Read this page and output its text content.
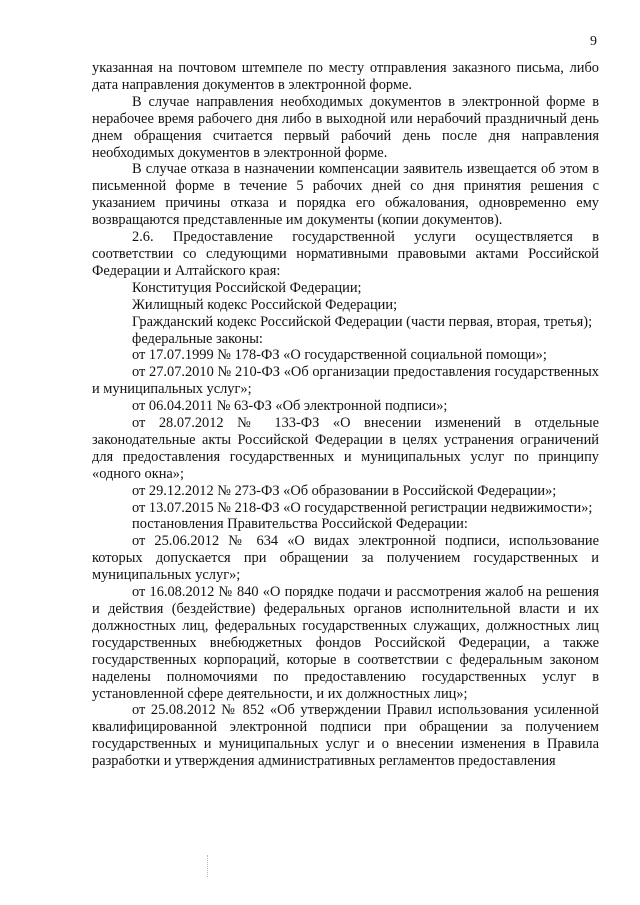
9

указанная на почтовом штемпеле по месту отправления заказного письма, либо дата направления документов в электронной форме.

В случае направления необходимых документов в электронной форме в нерабочее время рабочего дня либо в выходной или нерабочий праздничный день днем обращения считается первый рабочий день после дня направления необходимых документов в электронной форме.

В случае отказа в назначении компенсации заявитель извещается об этом в письменной форме в течение 5 рабочих дней со дня принятия решения с указанием причины отказа и порядка его обжалования, одновременно ему возвращаются представленные им документы (копии документов).

2.6. Предоставление государственной услуги осуществляется в соответствии со следующими нормативными правовыми актами Российской Федерации и Алтайского края:

Конституция Российской Федерации;

Жилищный кодекс Российской Федерации;

Гражданский кодекс Российской Федерации (части первая, вторая, третья);

федеральные законы:

от 17.07.1999 № 178-ФЗ «О государственной социальной помощи»;

от 27.07.2010 № 210-ФЗ «Об организации предоставления государственных и муниципальных услуг»;

от 06.04.2011 № 63-ФЗ «Об электронной подписи»;

от 28.07.2012 № 133-ФЗ «О внесении изменений в отдельные законодательные акты Российской Федерации в целях устранения ограничений для предоставления государственных и муниципальных услуг по принципу «одного окна»;

от 29.12.2012 № 273-ФЗ «Об образовании в Российской Федерации»;

от 13.07.2015 № 218-ФЗ «О государственной регистрации недвижимости»;

постановления Правительства Российской Федерации:

от 25.06.2012 № 634 «О видах электронной подписи, использование которых допускается при обращении за получением государственных и муниципальных услуг»;

от 16.08.2012 № 840 «О порядке подачи и рассмотрения жалоб на решения и действия (бездействие) федеральных органов исполнительной власти и их должностных лиц, федеральных государственных служащих, должностных лиц государственных внебюджетных фондов Российской Федерации, а также государственных корпораций, которые в соответствии с федеральным законом наделены полномочиями по предоставлению государственных услуг в установленной сфере деятельности, и их должностных лиц»;

от 25.08.2012 № 852 «Об утверждении Правил использования усиленной квалифицированной электронной подписи при обращении за получением государственных и муниципальных услуг и о внесении изменения в Правила разработки и утверждения административных регламентов предоставления
